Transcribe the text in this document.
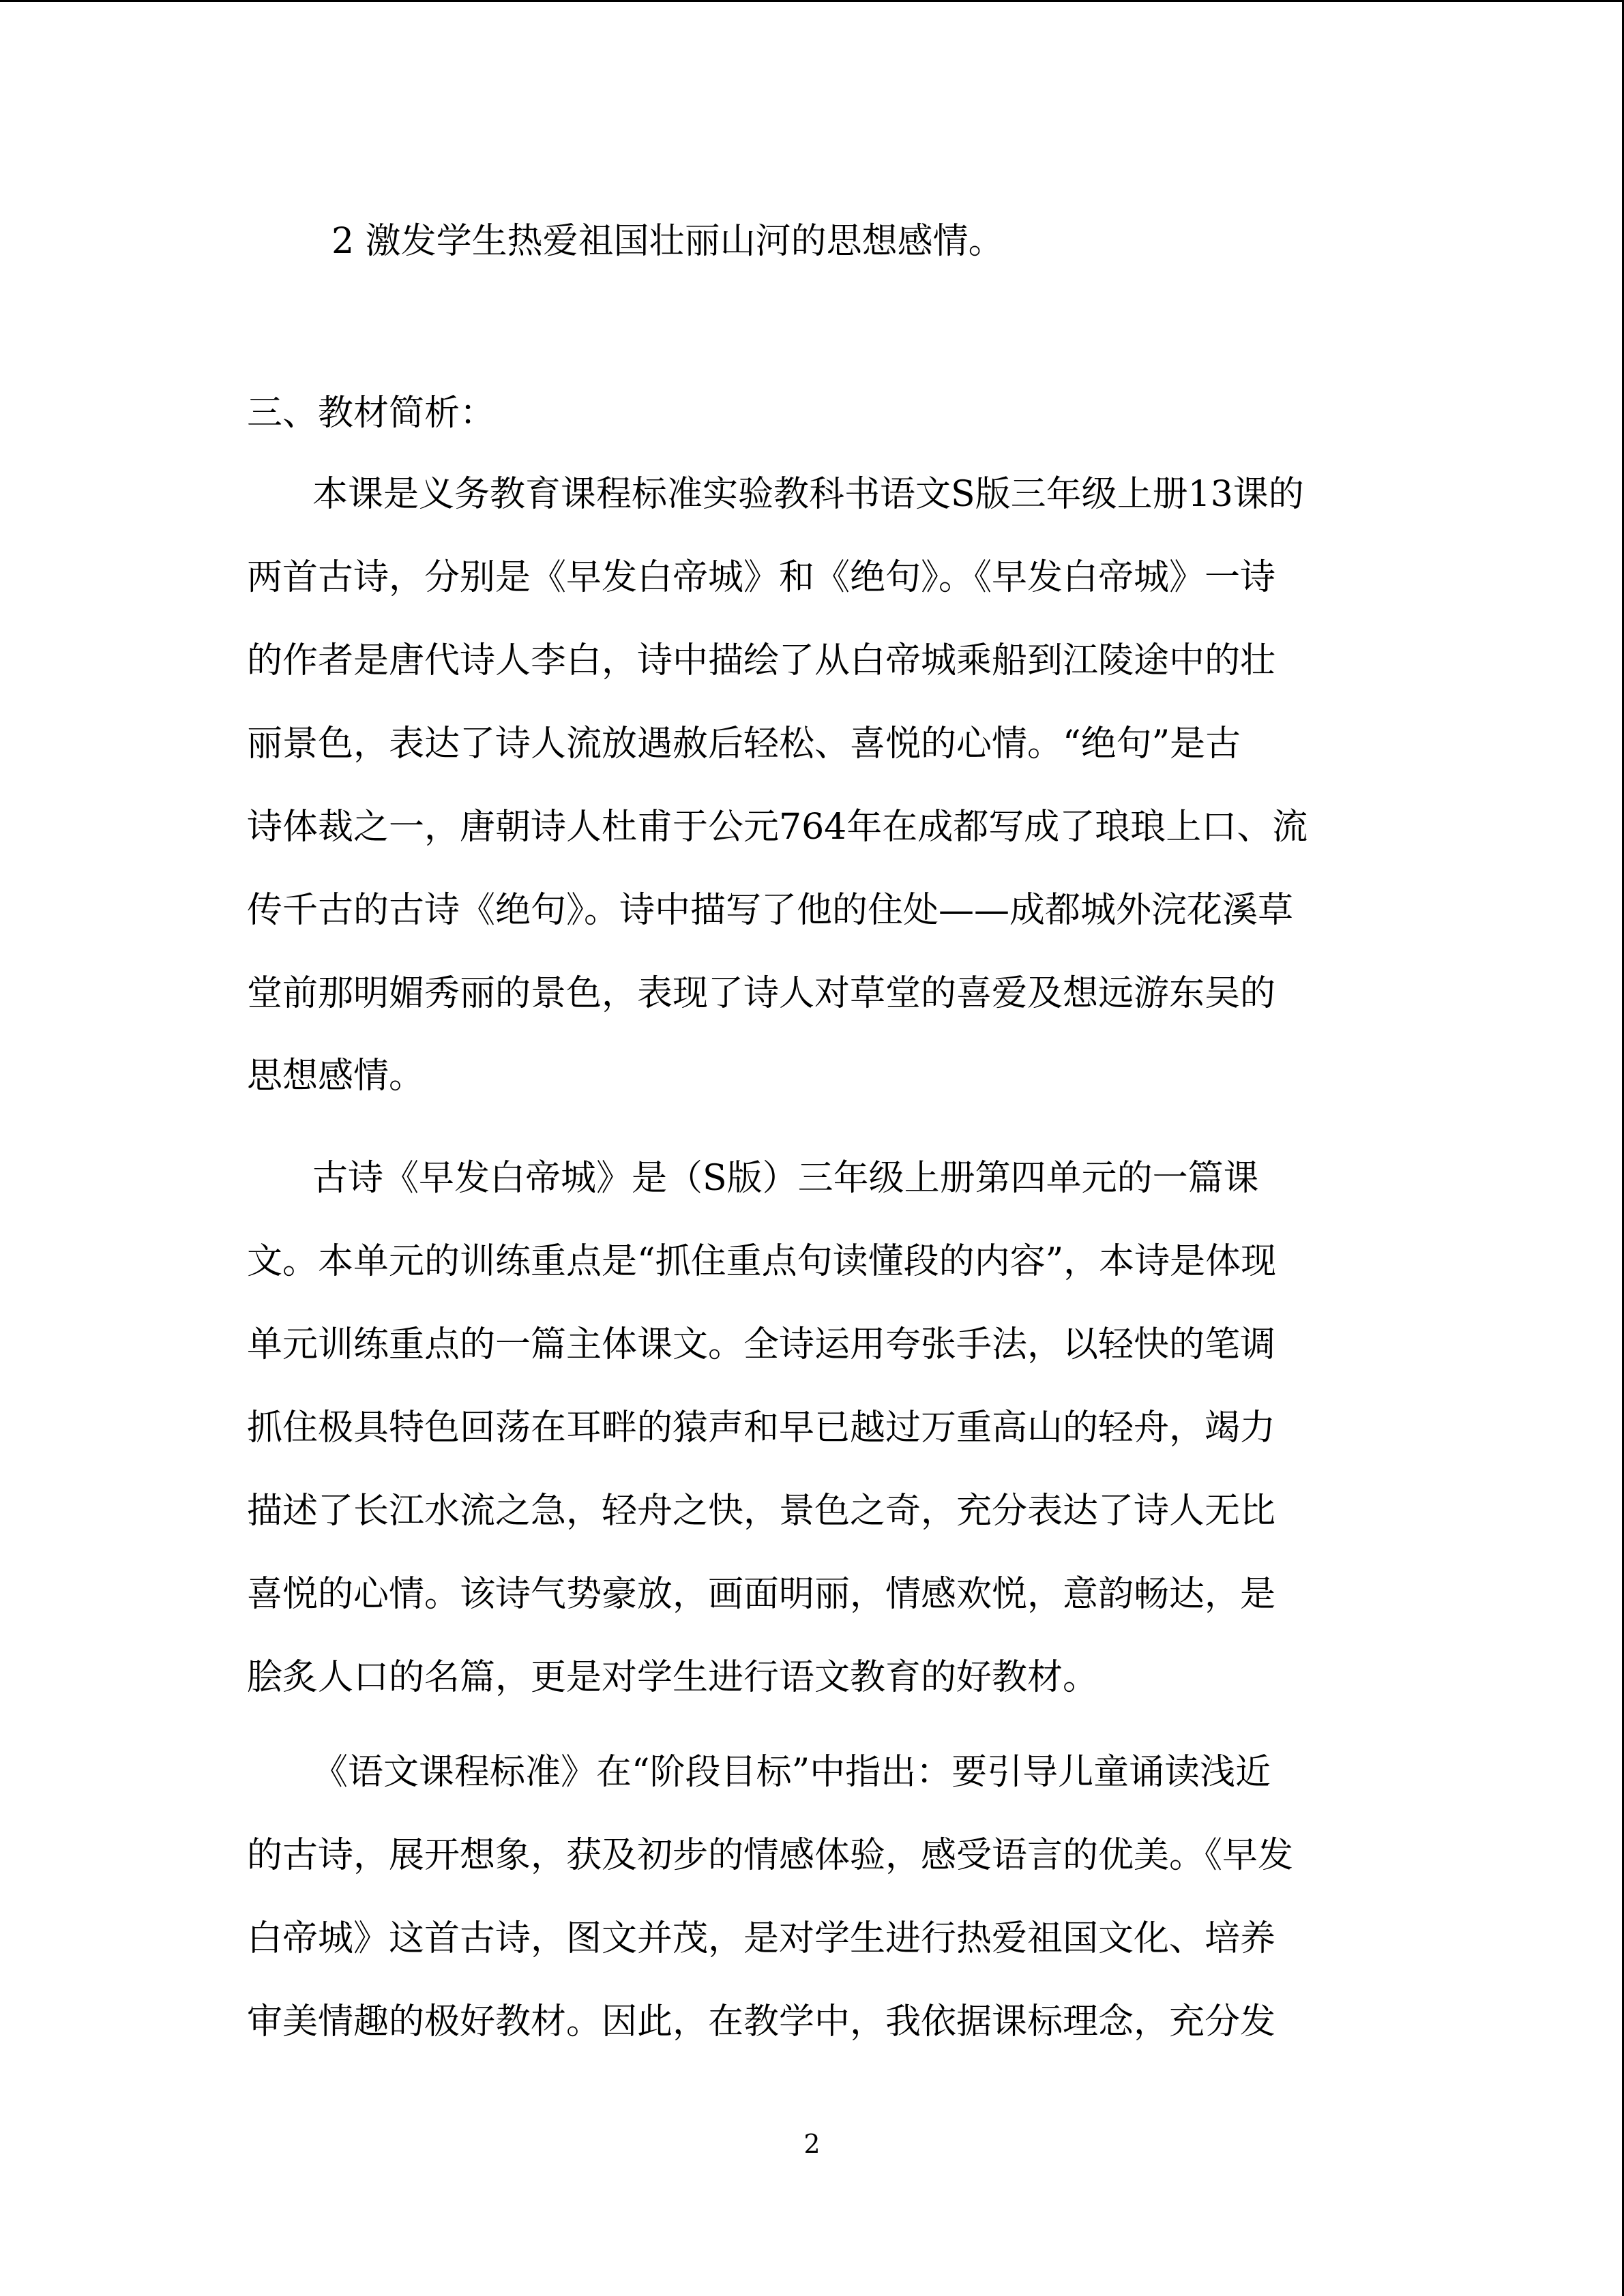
2 激发学生热爱祖国壮丽山河的思想感情。
三、教材简析：
本课是义务教育课程标准实验教科书语文S版三年级上册13课的
两首古诗，分别是《早发白帝城》和《绝句》。《早发白帝城》一诗
的作者是唐代诗人李白，诗中描绘了从白帝城乘船到江陵途中的壮
丽景色，表达了诗人流放遇赦后轻松、喜悦的心情。“绝句”是古
诗体裁之一，唐朝诗人杜甫于公元764年在成都写成了琅琅上口、流
传千古的古诗《绝句》。诗中描写了他的住处——成都城外浣花溪草
堂前那明媚秀丽的景色，表现了诗人对草堂的喜爱及想远游东吴的
思想感情。
古诗《早发白帝城》是（S版）三年级上册第四单元的一篇课
文。本单元的训练重点是“抓住重点句读懂段的内容”，本诗是体现
单元训练重点的一篇主体课文。全诗运用夸张手法，以轻快的笔调
抓住极具特色回荡在耳畔的猿声和早已越过万重高山的轻舟，竭力
描述了长江水流之急，轻舟之快，景色之奇，充分表达了诗人无比
喜悦的心情。该诗气势豪放，画面明丽，情感欢悦，意韵畅达，是
脍炙人口的名篇，更是对学生进行语文教育的好教材。
《语文课程标准》在“阶段目标”中指出：要引导儿童诵读浅近
的古诗，展开想象，获及初步的情感体验，感受语言的优美。《早发
白帝城》这首古诗，图文并茂，是对学生进行热爱祖国文化、培养
审美情趣的极好教材。因此，在教学中，我依据课标理念，充分发
2
